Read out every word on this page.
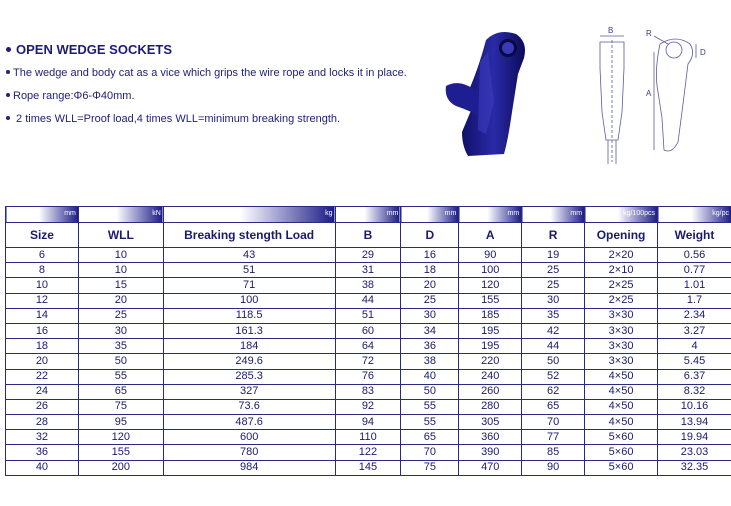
OPEN WEDGE SOCKETS
The wedge and body cat as a vice which grips the wire rope and locks it in place.
Rope range:Φ6-Φ40mm.
2 times WLL=Proof load,4 times WLL=minimum breaking strength.
B	R
D
A
mm	kN	kg	mm	mm	mm	mm	kg/100pcs	kg/pc
Size	WLL	Breaking stength Load	B	D	A	R	Opening	Weight
6	10	43	29	16	90	19	2×20	0.56
8	10	51	31	18	100	25	2×10	0.77
10	15	71	38	20	120	25	2×25	1.01
12	20	100	44	25	155	30	2×25	1.7
14	25	118.5	51	30	185	35	3×30	2.34
16	30	161.3	60	34	195	42	3×30	3.27
18	35	184	64	36	195	44	3×30	4
20	50	249.6	72	38	220	50	3×30	5.45
22	55	285.3	76	40	240	52	4×50	6.37
24	65	327	83	50	260	62	4×50	8.32
26	75	73.6	92	55	280	65	4×50	10.16
28	95	487.6	94	55	305	70	4×50	13.94
32	120	600	110	65	360	77	5×60	19.94
36	155	780	122	70	390	85	5×60	23.03
40	200	984	145	75	470	90	5×60	32.35
